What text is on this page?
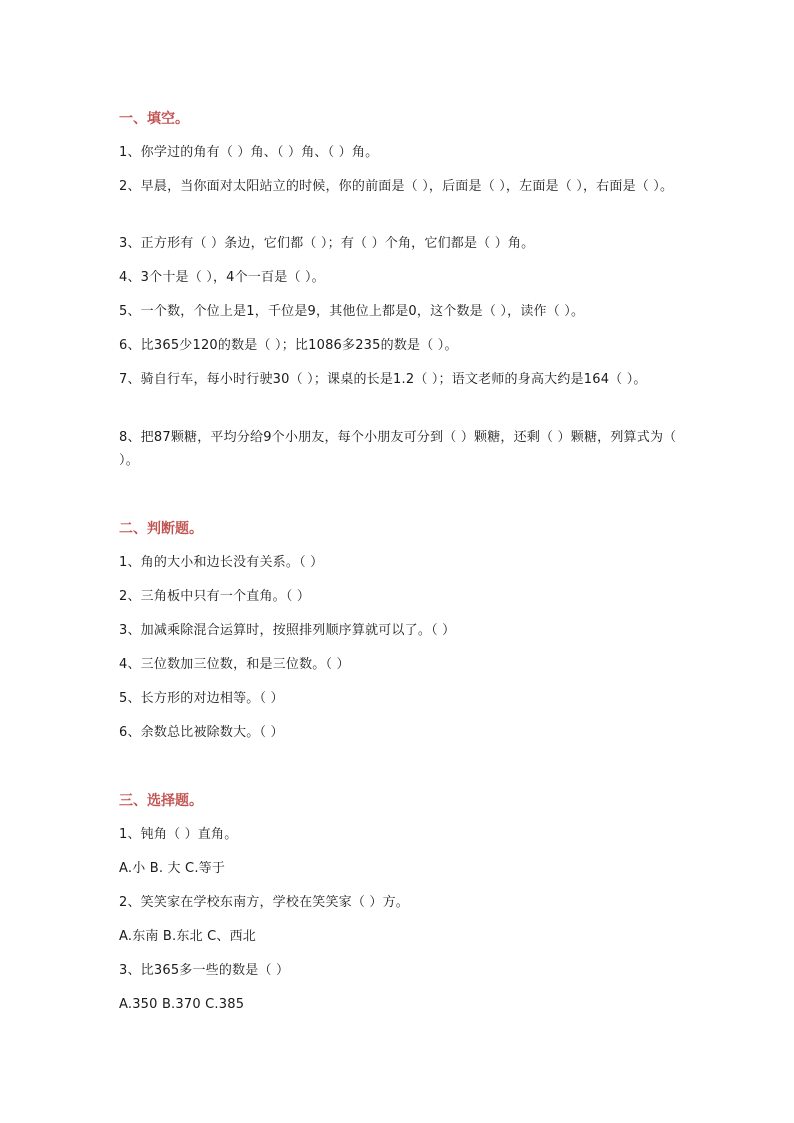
一、填空。
1、你学过的角有（ ）角、（ ）角、（ ）角。
2、早晨，当你面对太阳站立的时候，你的前面是（ ），后面是（ ），左面是（ ），右面是（ ）。
3、正方形有（ ）条边，它们都（ ）；有（ ）个角，它们都是（ ）角。
4、3个十是（ ），4个一百是（ ）。
5、一个数，个位上是1，千位是9，其他位上都是0，这个数是（ ），读作（ ）。
6、比365少120的数是（ ）；比1086多235的数是（ ）。
7、骑自行车，每小时行驶30（ ）；课桌的长是1.2（ ）；语文老师的身高大约是164（ ）。
8、把87颗糖，平均分给9个小朋友，每个小朋友可分到（ ）颗糖，还剩（ ）颗糖，列算式为（ ）。
二、判断题。
1、角的大小和边长没有关系。（ ）
2、三角板中只有一个直角。（ ）
3、加减乘除混合运算时，按照排列顺序算就可以了。（ ）
4、三位数加三位数，和是三位数。（ ）
5、长方形的对边相等。（ ）
6、余数总比被除数大。（ ）
三、选择题。
1、钝角（ ）直角。
A.小 B. 大 C.等于
2、笑笑家在学校东南方，学校在笑笑家（ ）方。
A.东南 B.东北 C、西北
3、比365多一些的数是（ ）
A.350 B.370 C.385
